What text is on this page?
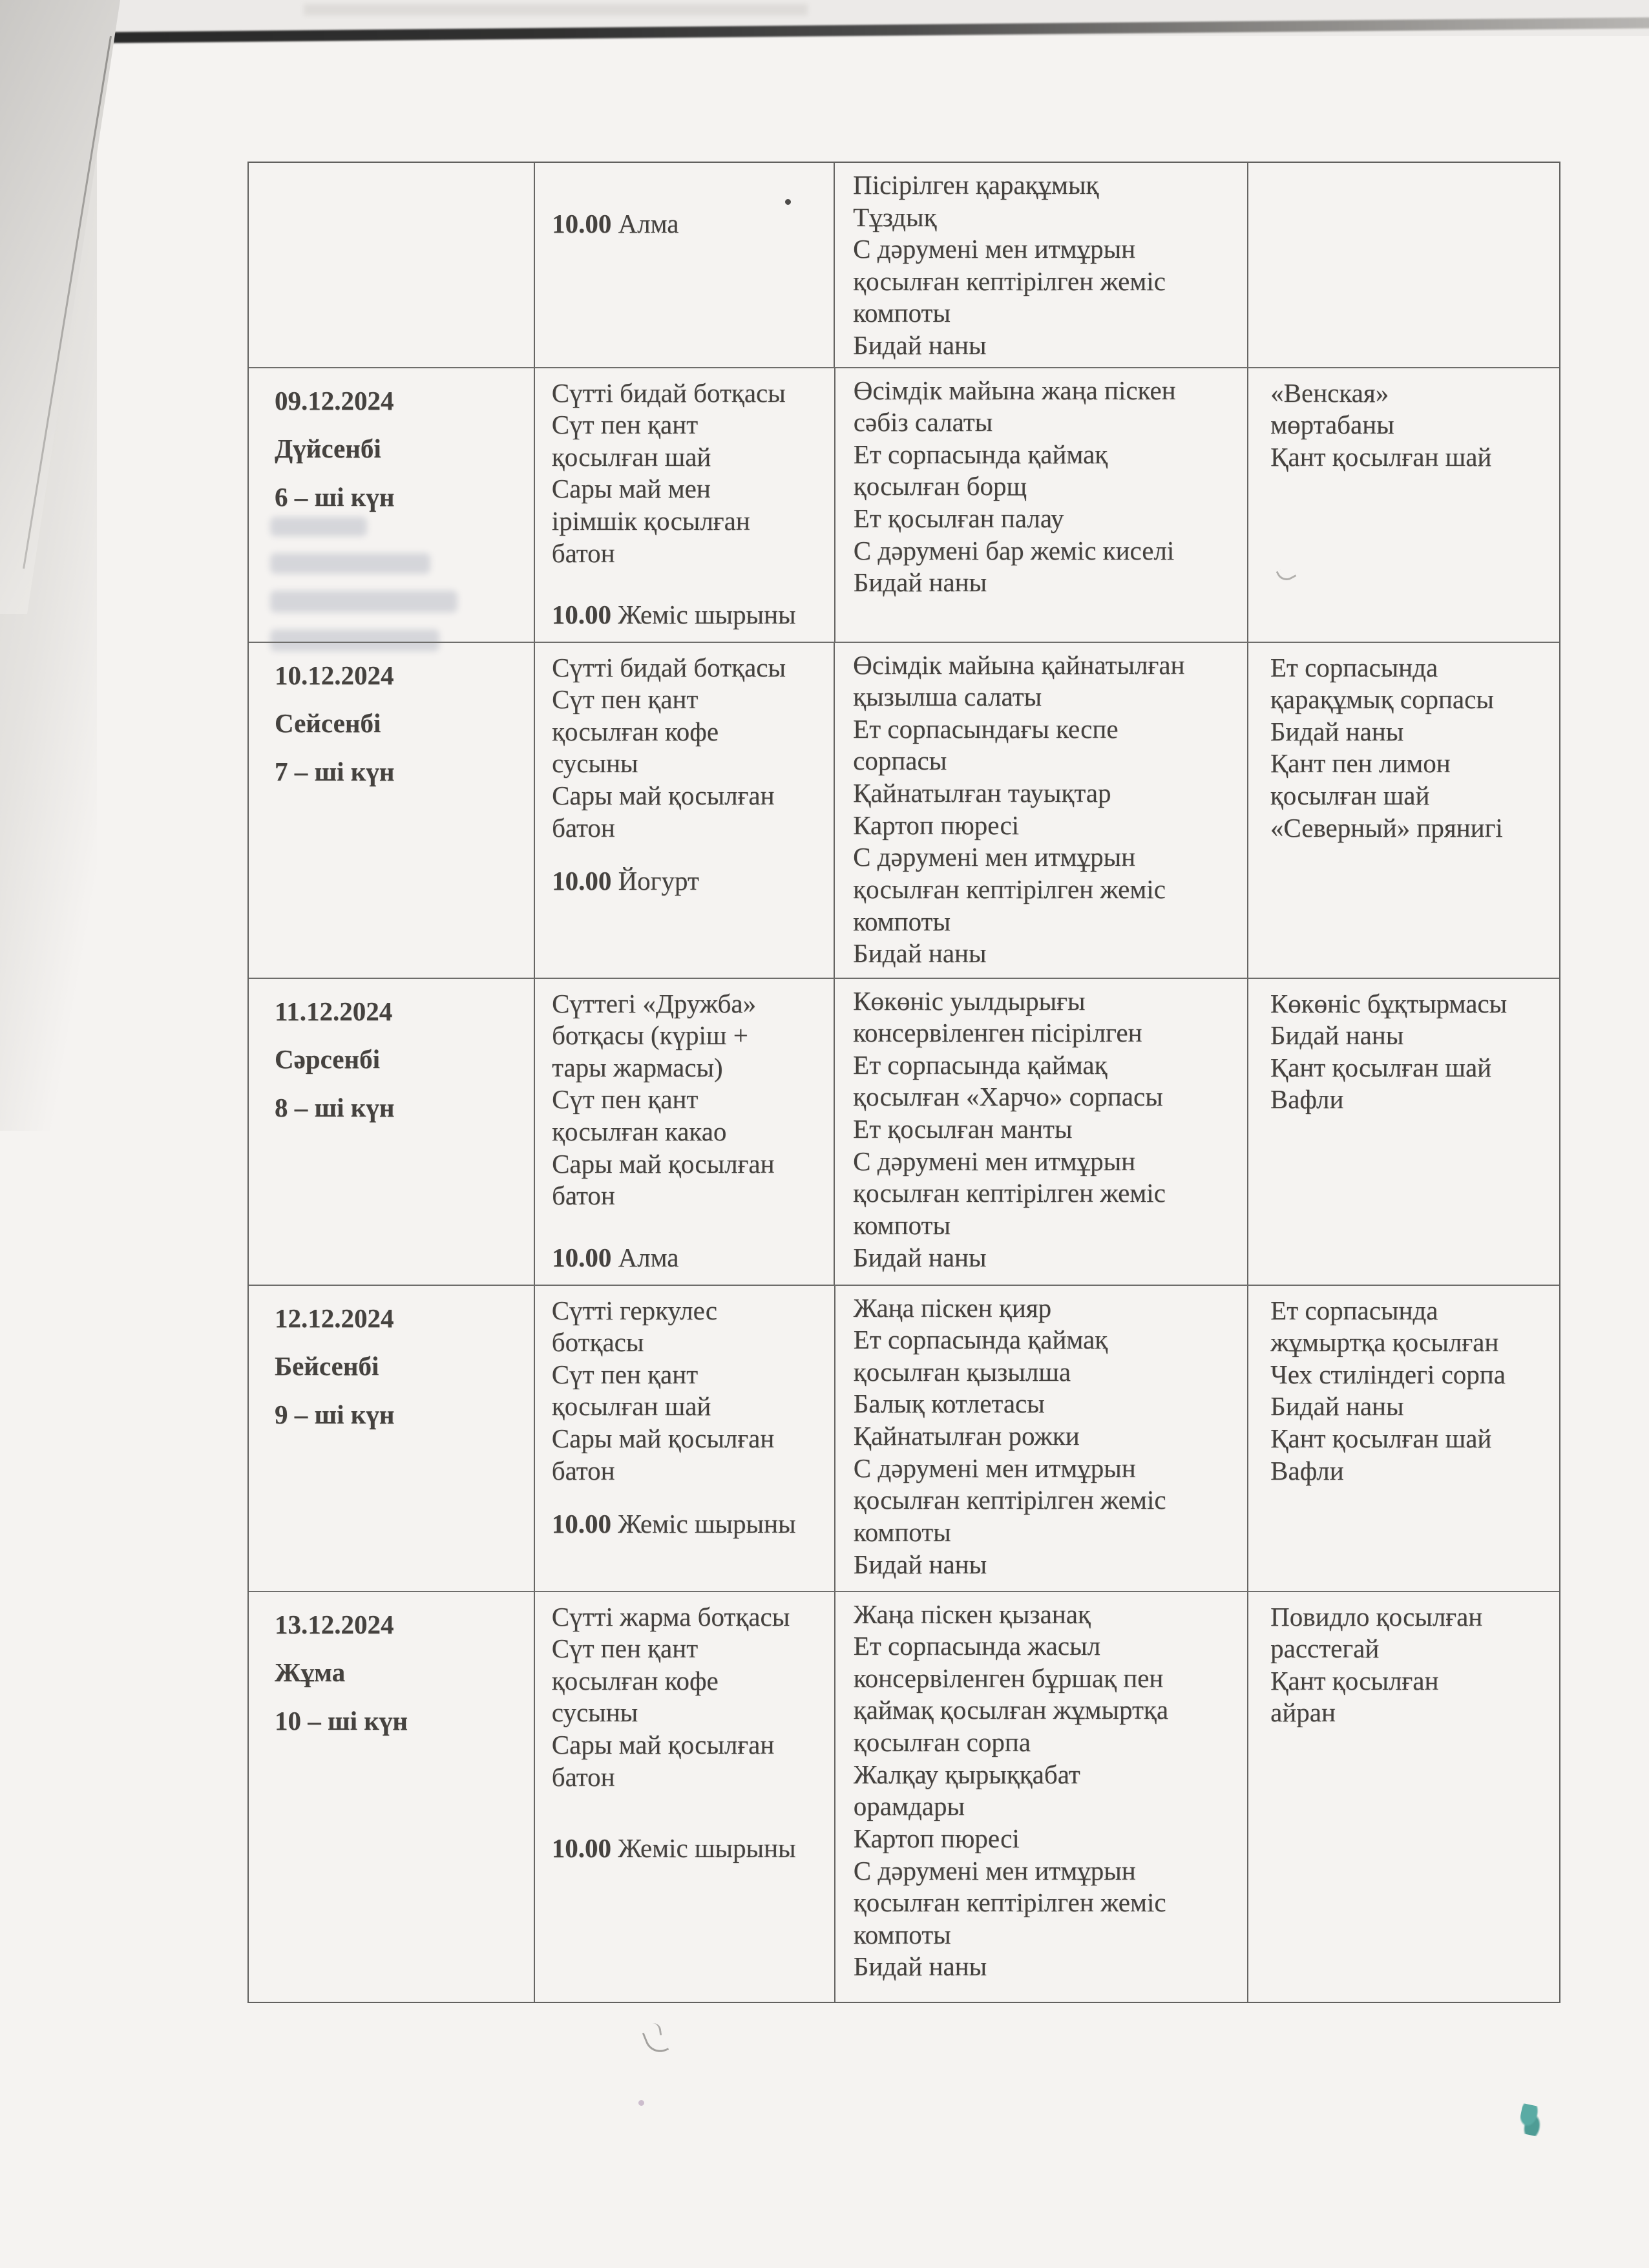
10.00 Алма

Пісірілген қарақұмық

Тұздық

С дәрумені мен итмұрын қосылған кептірілген жеміс компоты

Бидай наны

09.12.2024

Дүйсенбі

6 – ші күн

Сүтті бидай ботқасы

Сүт пен қант қосылған шай

Сары май мен ірімшік қосылған батон

10.00 Жеміс шырыны

Өсімдік майына жаңа піскен сәбіз салаты

Ет сорпасында қаймақ қосылған борщ

Ет қосылған палау

С дәрумені бар жеміс киселі

Бидай наны

«Венская» мөртабаны

Қант қосылған шай

10.12.2024

Сейсенбі

7 – ші күн

Сүтті бидай ботқасы

Сүт пен қант қосылған кофе сусыны

Сары май қосылған батон

10.00 Йогурт

Өсімдік майына қайнатылған қызылша салаты

Ет сорпасындағы кеспе сорпасы

Қайнатылған тауықтар

Картоп пюресі

С дәрумені мен итмұрын қосылған кептірілген жеміс компоты

Бидай наны

Ет сорпасында қарақұмық сорпасы

Бидай наны

Қант пен лимон қосылған шай

«Северный» прянигі

11.12.2024

Сәрсенбі

8 – ші күн

Сүттегі «Дружба» ботқасы (күріш + тары жармасы)

Сүт пен қант қосылған какао

Сары май қосылған батон

10.00 Алма

Көкөніс уылдырығы консервіленген пісірілген

Ет сорпасында қаймақ қосылған «Харчо» сорпасы

Ет қосылған манты

С дәрумені мен итмұрын қосылған кептірілген жеміс компоты

Бидай наны

Көкөніс бұқтырмасы

Бидай наны

Қант қосылған шай

Вафли

12.12.2024

Бейсенбі

9 – ші күн

Сүтті геркулес ботқасы

Сүт пен қант қосылған шай

Сары май қосылған батон

10.00 Жеміс шырыны

Жаңа піскен қияр

Ет сорпасында қаймақ қосылған қызылша

Балық котлетасы

Қайнатылған рожки

С дәрумені мен итмұрын қосылған кептірілген жеміс компоты

Бидай наны

Ет сорпасында жұмыртқа қосылған Чех стиліндегі сорпа

Бидай наны

Қант қосылған шай

Вафли

13.12.2024

Жұма

10 – ші күн

Сүтті жарма ботқасы

Сүт пен қант қосылған кофе сусыны

Сары май қосылған батон

10.00 Жеміс шырыны

Жаңа піскен қызанақ

Ет сорпасында жасыл консервіленген бұршақ пен қаймақ қосылған жұмыртқа қосылған сорпа

Жалқау қырыққабат орамдары

Картоп пюресі

С дәрумені мен итмұрын қосылған кептірілген жеміс компоты

Бидай наны

Повидло қосылған расстегай

Қант қосылған айран
